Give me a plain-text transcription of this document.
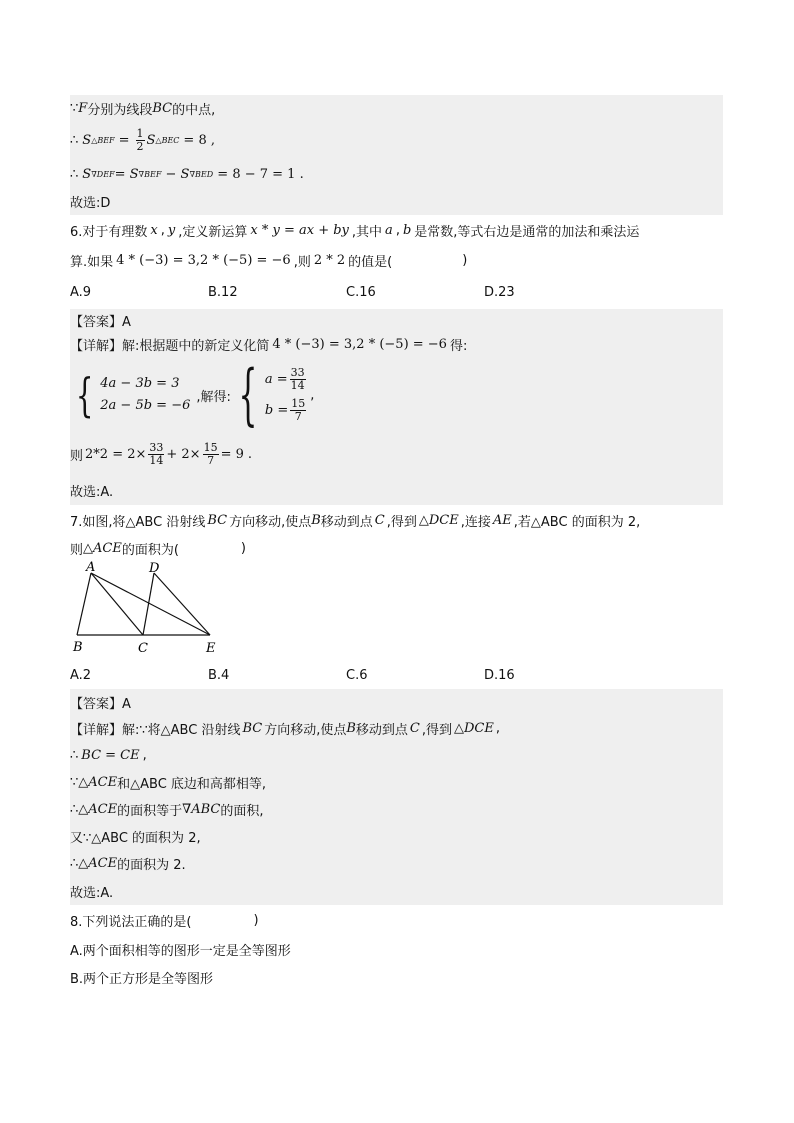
∵ F 分别为线段 BC 的中点,
∴ S △BEF = $\frac{1}{2}$ S △BEC = 8 ,
∴ S ∇DEF = S ∇BEF − S ∇BED = 8 − 7 = 1 .
故选:D
6.对于有理数 x , y ,定义新运算 x * y = ax + by ,其中 a , b 是常数,等式右边是通常的加法和乘法运
算.如果 4 * (−3) = 3,2 * (−5) = −6 ,则 2 * 2 的值是(	)
A.9	B.12	C.16	D.23
【答案】A
【详解】解:根据题中的新定义化简 4 * (−3) = 3,2 * (−5) = −6 得:
{ 4a − 3b = 3
2a − 5b = −6
,解得: { $a = \frac{33}{14}$
$b = \frac{15}{7}$
,
则 $2*2 = 2\times \frac{33}{14} + 2\times \frac{15}{7} = 9$ .
故选:A.
7.如图,将△ABC 沿射线 BC 方向移动,使点 B 移动到点 C ,得到 △DCE ,连接 AE ,若△ABC 的面积为 2,
则 △ACE 的面积为(	)
A	D
B	C	E
A.2	B.4	C.6	D.16
【答案】A
【详解】解:∵将△ABC 沿射线 BC 方向移动,使点 B 移动到点 C ,得到 △DCE ,
∴ BC = CE ,
∵ △ACE 和△ABC 底边和高都相等,
∴ △ACE 的面积等于 ∇ABC 的面积,
又∵△ABC 的面积为 2,
∴ △ACE 的面积为 2.
故选:A.
8.下列说法正确的是(	)
A.两个面积相等的图形一定是全等图形
B.两个正方形是全等图形
